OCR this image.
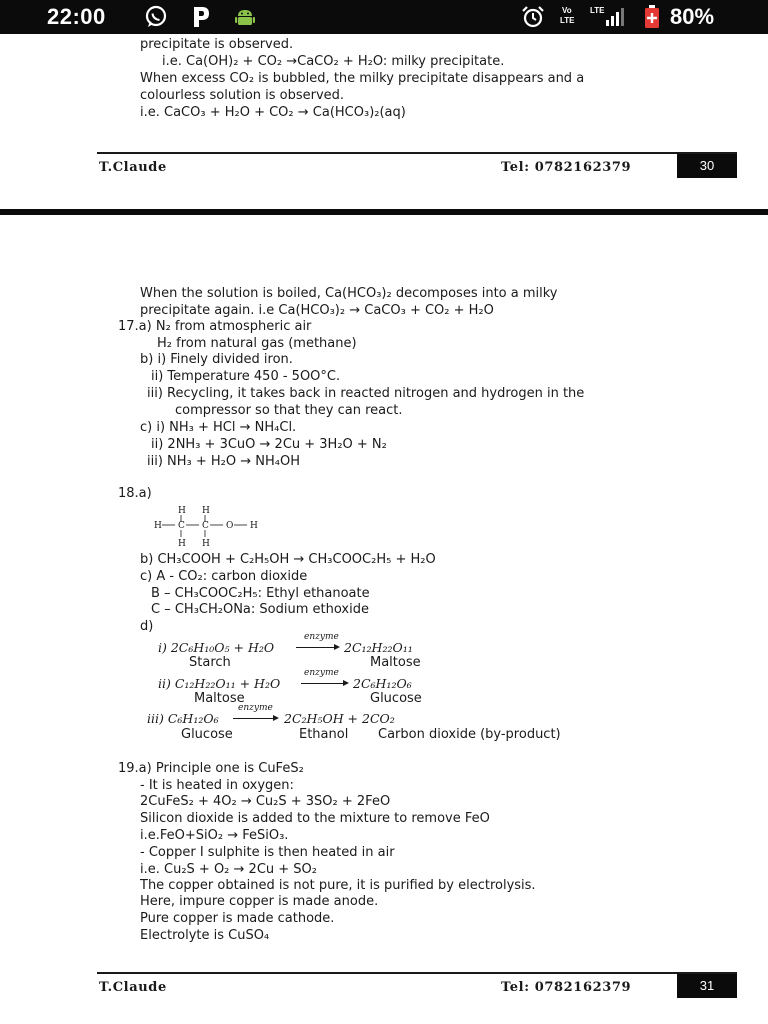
22:00	Vo
LTE
LTE	80%
precipitate is observed.
i.e. Ca(OH)₂ + CO₂ →CaCO₂ + H₂O: milky precipitate.
When excess CO₂ is bubbled, the milky precipitate disappears and a
colourless solution is observed.
i.e. CaCO₃ + H₂O + CO₂ → Ca(HCO₃)₂(aq)
T.Claude	Tel: 0782162379	30
When the solution is boiled, Ca(HCO₃)₂ decomposes into a milky
precipitate again. i.e Ca(HCO₃)₂ → CaCO₃ + CO₂ + H₂O
17.a) N₂ from atmospheric air
H₂ from natural gas (methane)
b) i) Finely divided iron.
ii) Temperature 450 - 5OO°C.
iii) Recycling, it takes back in reacted nitrogen and hydrogen in the
compressor so that they can react.
c) i) NH₃ + HCl → NH₄Cl.
ii) 2NH₃ + 3CuO → 2Cu + 3H₂O + N₂
iii) NH₃ + H₂O → NH₄OH
18.a)
H H
H C C O H
H H
b) CH₃COOH + C₂H₅OH → CH₃COOC₂H₅ + H₂O
c) A - CO₂: carbon dioxide
B – CH₃COOC₂H₅: Ethyl ethanoate
C – CH₃CH₂ONa: Sodium ethoxide
d)
i) 2C₆H₁₀O₅ + H₂O
enzyme
2C₁₂H₂₂O₁₁
Starch	Maltose
ii) C₁₂H₂₂O₁₁ + H₂O
enzyme
2C₆H₁₂O₆
Maltose	Glucose
iii) C₆H₁₂O₆
enzyme
2C₂H₅OH + 2CO₂
Glucose	Ethanol Carbon dioxide (by-product)
19.a) Principle one is CuFeS₂
- It is heated in oxygen:
2CuFeS₂ + 4O₂ → Cu₂S + 3SO₂ + 2FeO
Silicon dioxide is added to the mixture to remove FeO
i.e.FeO+SiO₂ → FeSiO₃.
- Copper I sulphite is then heated in air
i.e. Cu₂S + O₂ → 2Cu + SO₂
The copper obtained is not pure, it is purified by electrolysis.
Here, impure copper is made anode.
Pure copper is made cathode.
Electrolyte is CuSO₄
T.Claude	Tel: 0782162379	31
